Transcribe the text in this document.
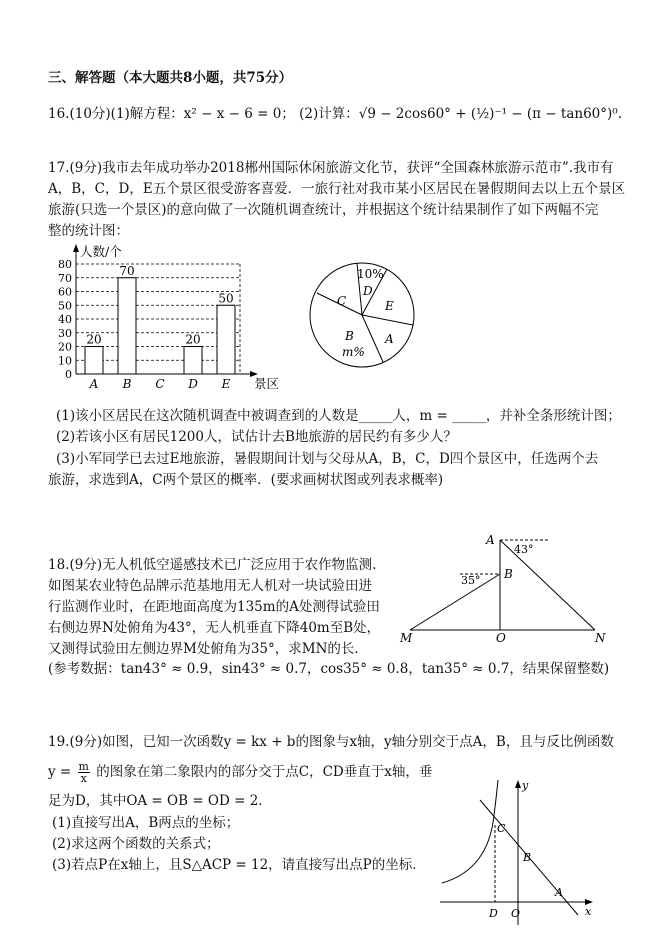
三、解答题（本大题共8小题，共75分）
16.(10分)(1)解方程：x² − x − 6 = 0； (2)计算：√9 − 2cos60° + (½)⁻¹ − (π − tan60°)⁰.
17.(9分)我市去年成功举办2018郴州国际休闲旅游文化节，获评“全国森林旅游示范市”.我市有
A，B，C，D，E五个景区很受游客喜爱．一旅行社对我市某小区居民在暑假期间去以上五个景区
旅游(只选一个景区)的意向做了一次随机调查统计，并根据这个统计结果制作了如下两幅不完
整的统计图：
人数/个
景区
0
10
20
30
40
50
60
70
80
20
70
20
50
A B C D E
10%
D
E
A
B
m%
C
(1)该小区居民在这次随机调查中被调查到的人数是_____人，m = _____，并补全条形统计图；
(2)若该小区有居民1200人，试估计去B地旅游的居民约有多少人？
(3)小军同学已去过E地旅游，暑假期间计划与父母从A，B，C，D四个景区中，任选两个去
旅游，求选到A，C两个景区的概率．(要求画树状图或列表求概率)
18.(9分)无人机低空遥感技术已广泛应用于农作物监测.
如图某农业特色品牌示范基地用无人机对一块试验田进
行监测作业时，在距地面高度为135m的A处测得试验田
右侧边界N处俯角为43°，无人机垂直下降40m至B处，
又测得试验田左侧边界M处俯角为35°，求MN的长．
(参考数据：tan43° ≈ 0.9，sin43° ≈ 0.7，cos35° ≈ 0.8，tan35° ≈ 0.7，结果保留整数)
A
B
M	O	N
43°
35°
19.(9分)如图，已知一次函数y = kx + b的图象与x轴，y轴分别交于点A，B，且与反比例函数
$y = \frac{m}{x}$ 的图象在第二象限内的部分交于点C，CD垂直于x轴，垂
足为D，其中OA = OB = OD = 2．
(1)直接写出A，B两点的坐标；
(2)求这两个函数的关系式；
(3)若点P在x轴上，且S△ACP = 12，请直接写出点P的坐标．
y
x
C
B
A
D O
